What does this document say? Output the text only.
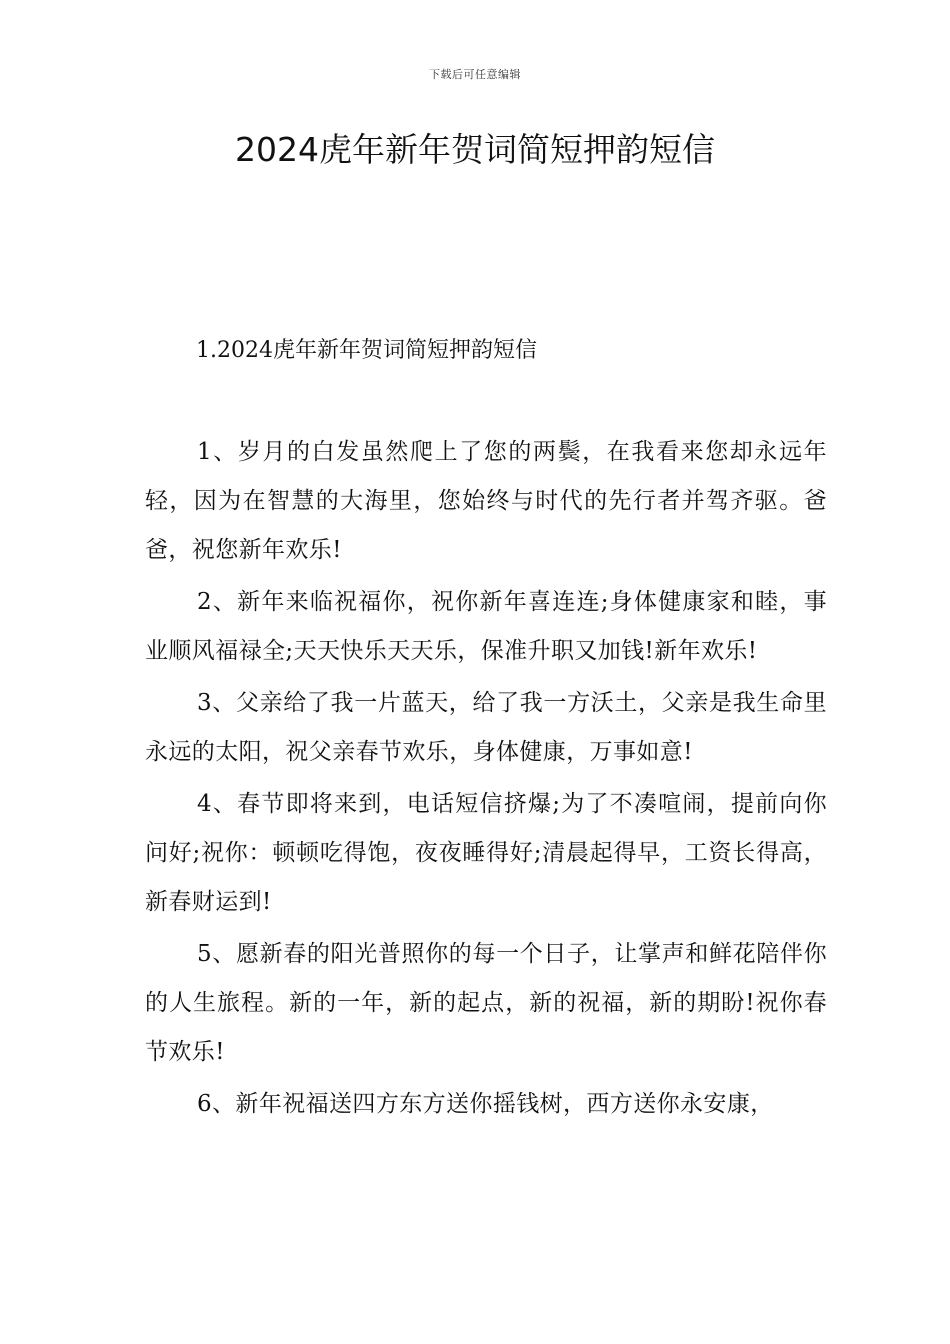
下载后可任意编辑
2024虎年新年贺词简短押韵短信
1.2024虎年新年贺词简短押韵短信

1、岁月的白发虽然爬上了您的两鬓，在我看来您却永远年轻，因为在智慧的大海里，您始终与时代的先行者并驾齐驱。爸爸，祝您新年欢乐!

2、新年来临祝福你，祝你新年喜连连;身体健康家和睦，事业顺风福禄全;天天快乐天天乐，保准升职又加钱!新年欢乐!

3、父亲给了我一片蓝天，给了我一方沃土，父亲是我生命里永远的太阳，祝父亲春节欢乐，身体健康，万事如意!

4、春节即将来到，电话短信挤爆;为了不凑喧闹，提前向你问好;祝你：顿顿吃得饱，夜夜睡得好;清晨起得早，工资长得高，新春财运到!

5、愿新春的阳光普照你的每一个日子，让掌声和鲜花陪伴你的人生旅程。新的一年，新的起点，新的祝福，新的期盼!祝你春节欢乐!

6、新年祝福送四方东方送你摇钱树，西方送你永安康，
